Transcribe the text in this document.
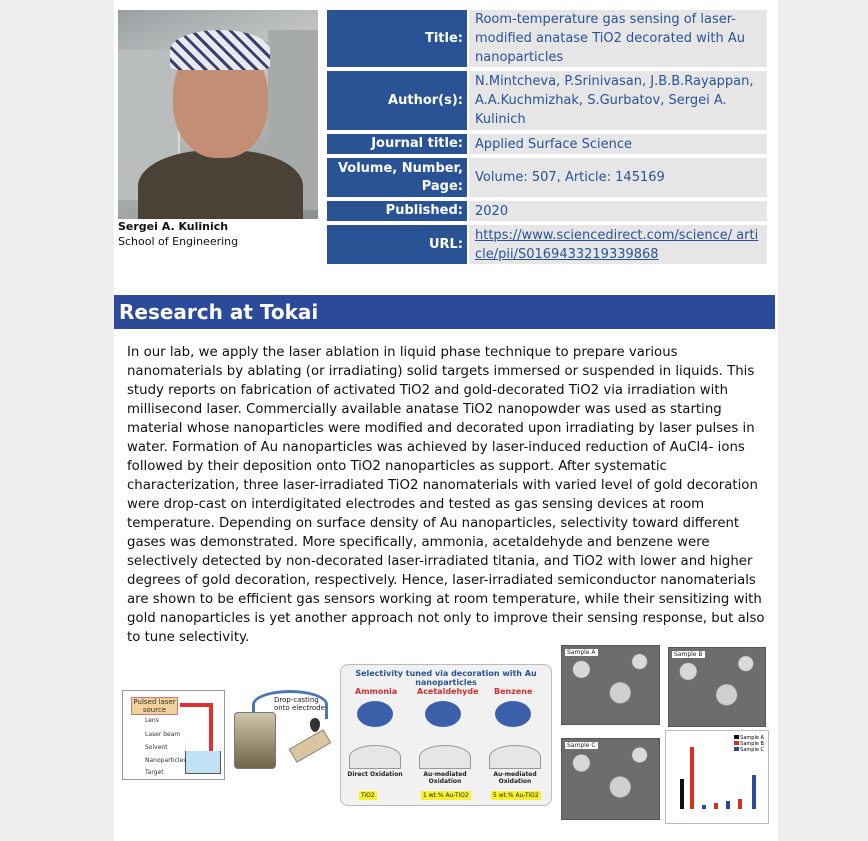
Sergei A. Kulinich
School of Engineering
Title:
Room-temperature gas sensing of laser-modified anatase TiO2 decorated with Au nanoparticles
Author(s):
N.Mintcheva, P.Srinivasan, J.B.B.Rayappan, A.A.Kuchmizhak, S.Gurbatov, Sergei A. Kulinich
Journal title: Applied Surface Science
Volume, Number, Page:
Volume: 507, Article: 145169
Published: 2020
URL:
https://www.sciencedirect.com/science/ article/pii/S0169433219339868
Research at Tokai
In our lab, we apply the laser ablation in liquid phase technique to prepare various nanomaterials by ablating (or irradiating) solid targets immersed or suspended in liquids. This study reports on fabrication of activated TiO2 and gold-decorated TiO2 via irradiation with millisecond laser. Commercially available anatase TiO2 nanopowder was used as starting material whose nanoparticles were modified and decorated upon irradiating by laser pulses in water. Formation of Au nanoparticles was achieved by laser-induced reduction of AuCl4- ions followed by their deposition onto TiO2 nanoparticles as support. After systematic characterization, three laser-irradiated TiO2 nanomaterials with varied level of gold decoration were drop-cast on interdigitated electrodes and tested as gas sensing devices at room temperature. Depending on surface density of Au nanoparticles, selectivity toward different gases was demonstrated. More specifically, ammonia, acetaldehyde and benzene were selectively detected by non-decorated laser-irradiated titania, and TiO2 with lower and higher degrees of gold decoration, respectively. Hence, laser-irradiated semiconductor nanomaterials are shown to be efficient gas sensors working at room temperature, while their sensitizing with gold nanoparticles is yet another approach not only to improve their sensing response, but also to tune selectivity.
Pulsed laser source
Lens
Laser beam
Solvent
Nanoparticles
Target
Drop-casting onto electrode
Selectivity tuned via decoration with Au nanoparticles
Ammonia Acetaldehyde Benzene
Direct Oxidation	Au-mediated Oxidation
Au-mediated Oxidation
TiO2	1 wt.% Au-TiO2	5 wt.% Au-TiO2
Sample A	Sample B
Sample C
Sample A
Sample B
Sample C
